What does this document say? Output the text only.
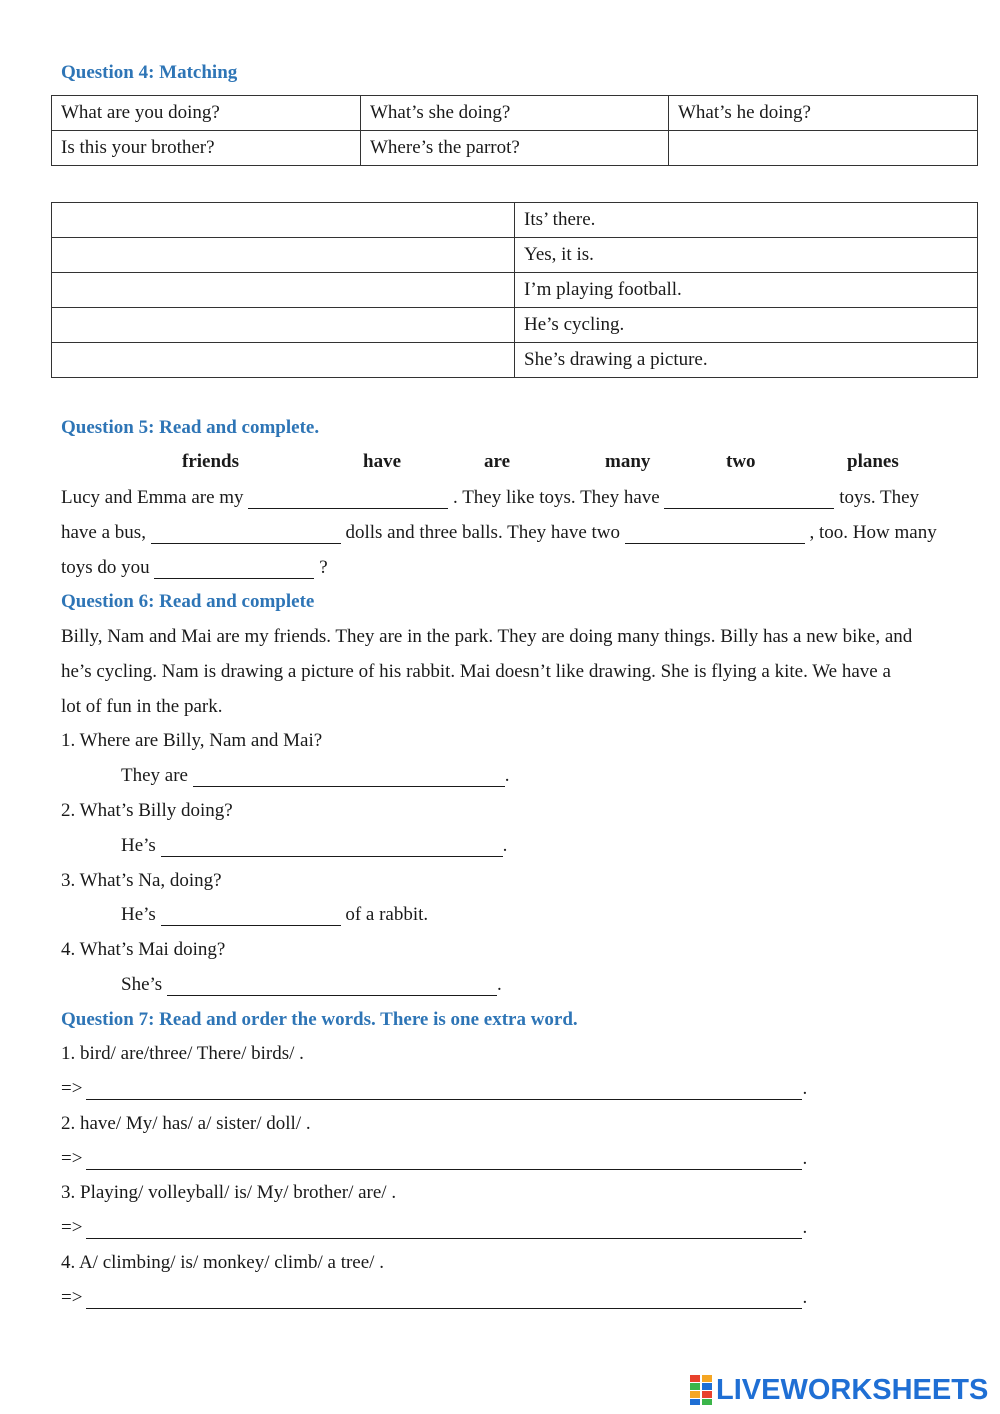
Question 4: Matching
What are you doing?	What’s she doing?	What’s he doing?
Is this your brother?	Where’s the parrot?	
	Its’ there.
	Yes, it is.
	I’m playing football.
	He’s cycling.
	She’s drawing a picture.
Question 5: Read and complete.
friends	have	are	many	two	planes
Lucy and Emma are my	. They like toys. They have	toys. They
have a bus,	dolls and three balls. They have two	, too. How many
toys do you	?
Question 6: Read and complete
Billy, Nam and Mai are my friends. They are in the park. They are doing many things. Billy has a new bike, and
he’s cycling. Nam is drawing a picture of his rabbit. Mai doesn’t like drawing. She is flying a kite. We have a
lot of fun in the park.
1. Where are Billy, Nam and Mai?
They are	.
2. What’s Billy doing?
He’s	.
3. What’s Na, doing?
He’s	of a rabbit.
4. What’s Mai doing?
She’s	.
Question 7: Read and order the words. There is one extra word.
1. bird/ are/three/ There/ birds/ .
=>	.
2. have/ My/ has/ a/ sister/ doll/ .
=>	.
3. Playing/ volleyball/ is/ My/ brother/ are/ .
=>	.
4. A/ climbing/ is/ monkey/ climb/ a tree/ .
=>	.
LIVEWORKSHEETS
